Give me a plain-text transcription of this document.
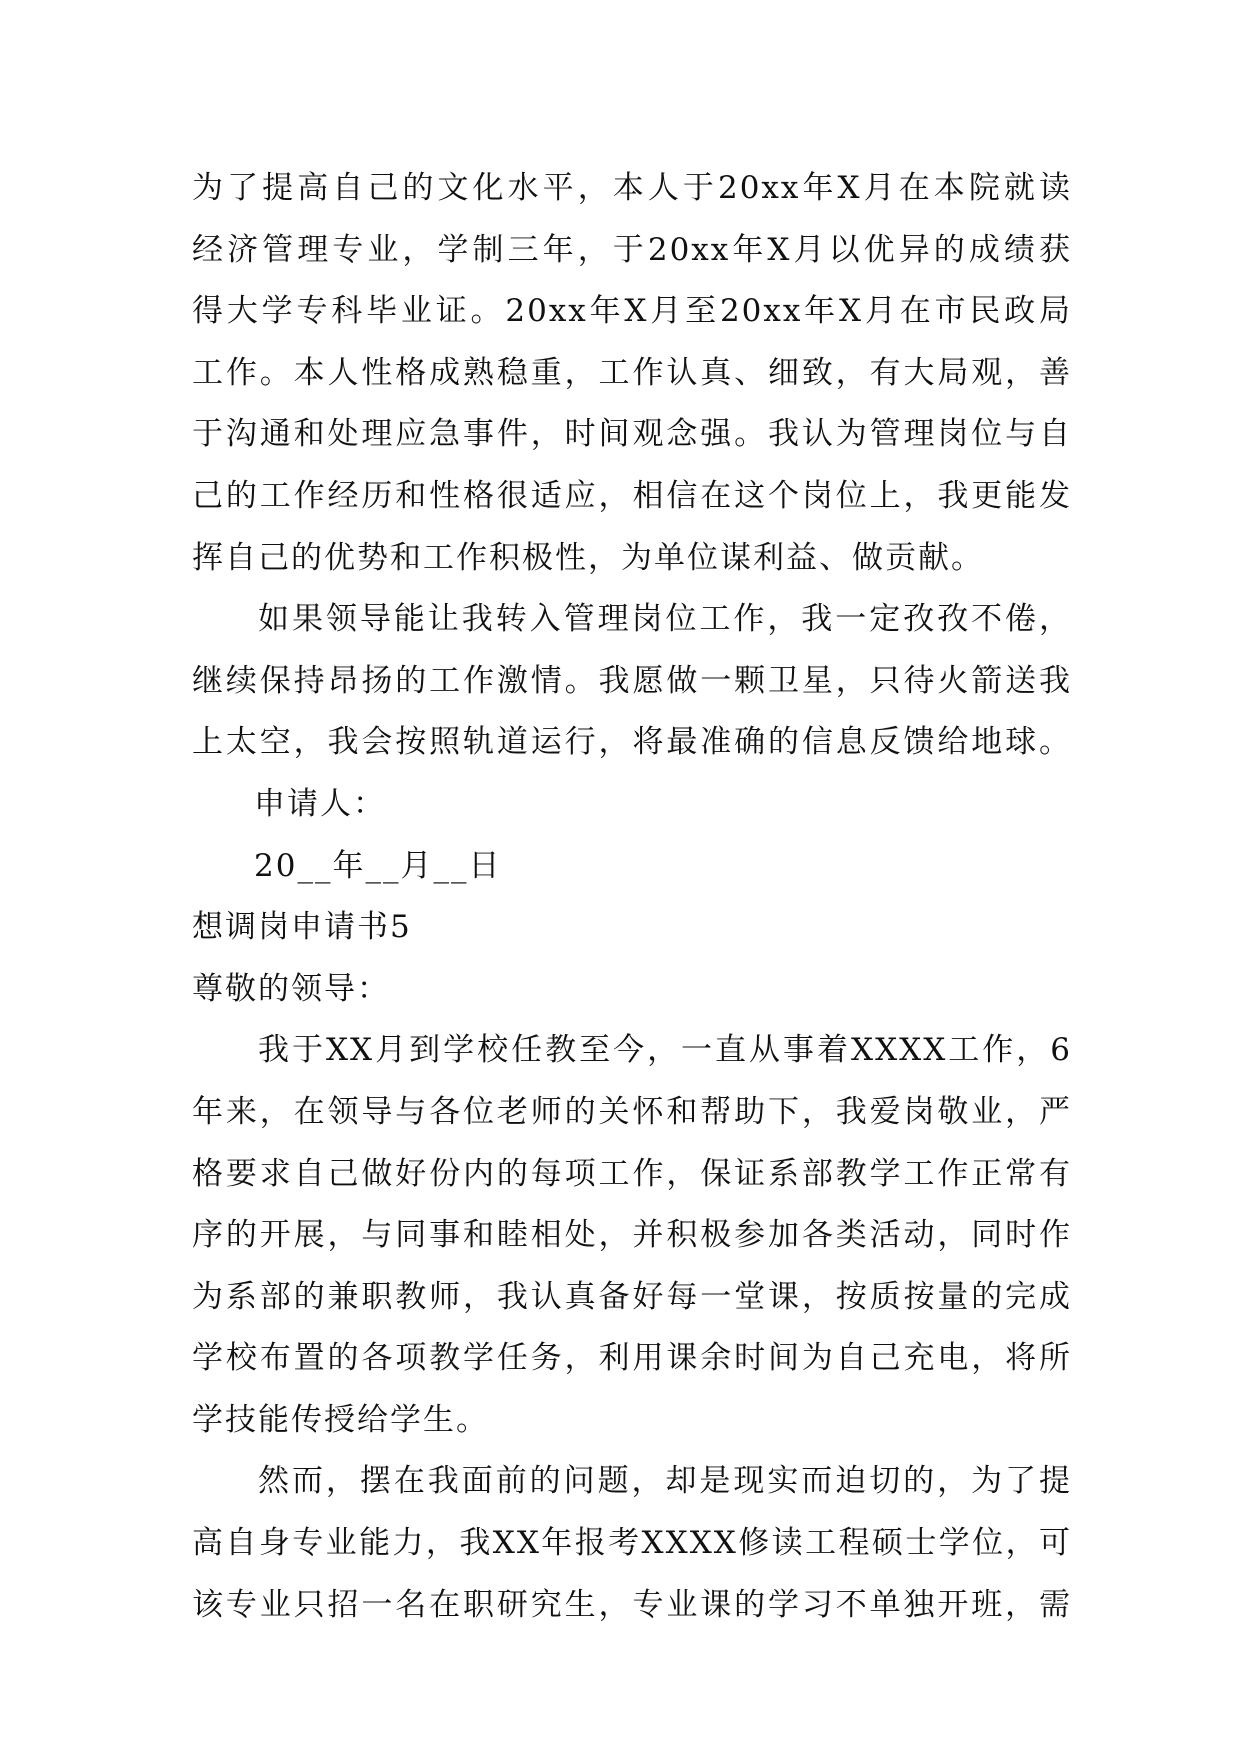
为了提高自己的文化水平，本人于20xx年X月在本院就读
经济管理专业，学制三年，于20xx年X月以优异的成绩获
得大学专科毕业证。20xx年X月至20xx年X月在市民政局
工作。本人性格成熟稳重，工作认真、细致，有大局观，善
于沟通和处理应急事件，时间观念强。我认为管理岗位与自
己的工作经历和性格很适应，相信在这个岗位上，我更能发
挥自己的优势和工作积极性，为单位谋利益、做贡献。
如果领导能让我转入管理岗位工作，我一定孜孜不倦，
继续保持昂扬的工作激情。我愿做一颗卫星，只待火箭送我
上太空，我会按照轨道运行，将最准确的信息反馈给地球。
申请人：
20__年__月__日
想调岗申请书5
尊敬的领导：
我于XX月到学校任教至今，一直从事着XXXX工作，6
年来，在领导与各位老师的关怀和帮助下，我爱岗敬业，严
格要求自己做好份内的每项工作，保证系部教学工作正常有
序的开展，与同事和睦相处，并积极参加各类活动，同时作
为系部的兼职教师，我认真备好每一堂课，按质按量的完成
学校布置的各项教学任务，利用课余时间为自己充电，将所
学技能传授给学生。
然而，摆在我面前的问题，却是现实而迫切的，为了提
高自身专业能力，我XX年报考XXXX修读工程硕士学位，可
该专业只招一名在职研究生，专业课的学习不单独开班，需
